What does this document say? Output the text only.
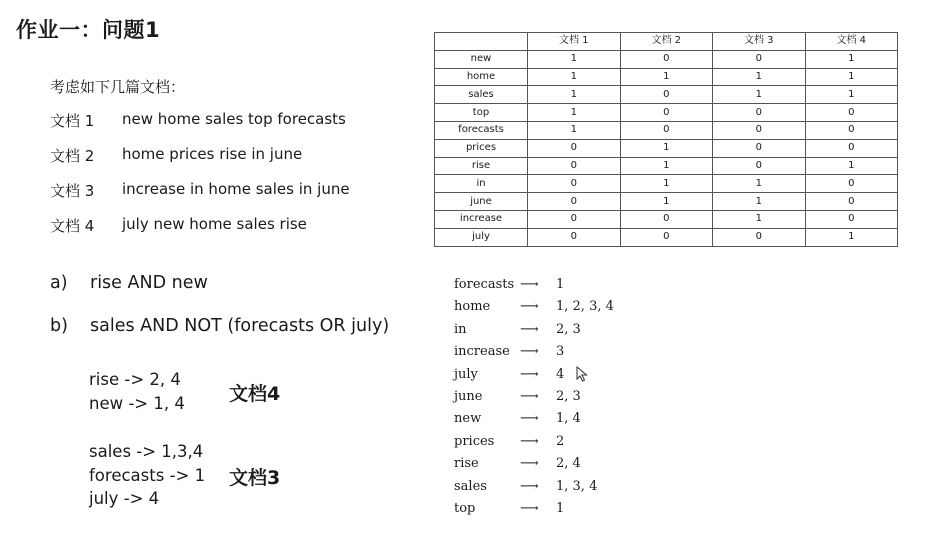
作业一：问题1
考虑如下几篇文档：
文档 1	new home sales top forecasts
文档 2	home prices rise in june
文档 3	increase in home sales in june
文档 4	july new home sales rise
a)	rise AND new
b)	sales AND NOT (forecasts OR july)
rise -> 2, 4
new -> 1, 4 文档4
sales -> 1,3,4
forecasts -> 1
july -> 4
文档3
	文档 1	文档 2	文档 3	文档 4
new	1	0	0	1
home	1	1	1	1
sales	1	0	1	1
top	1	0	0	0
forecasts	1	0	0	0
prices	0	1	0	0
rise	0	1	0	1
in	0	1	1	0
june	0	1	1	0
increase	0	0	1	0
july	0	0	0	1
forecasts ⟶	1
home	⟶	1, 2, 3, 4
in	⟶	2, 3
increase ⟶	3
july	⟶	4
june	⟶	2, 3
new	⟶	1, 4
prices	⟶	2
rise	⟶	2, 4
sales	⟶	1, 3, 4
top	⟶	1
